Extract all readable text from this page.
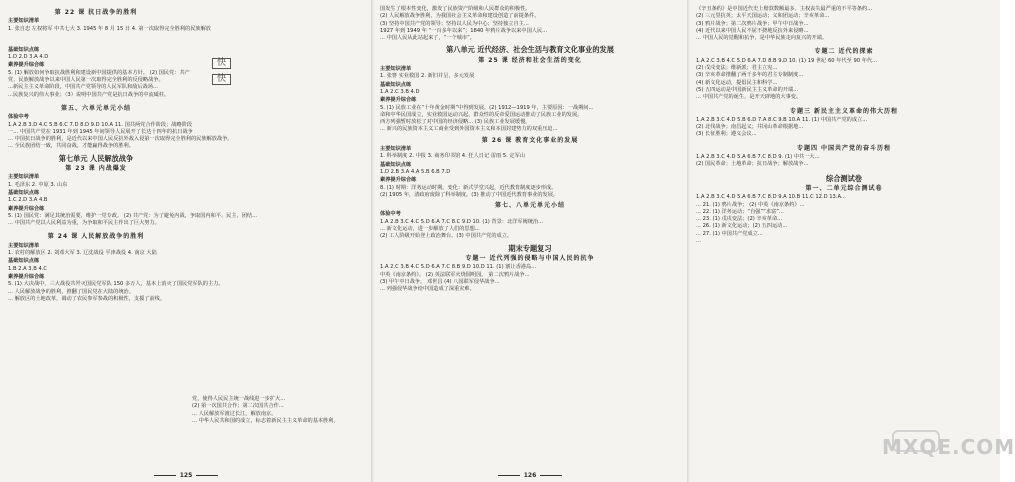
第 22 课 抗日战争的胜利
主要知识清单
1. 张自忠 左权将军 中共七大 3. 1945 年 8 月 15 日 4. 第一次取得完全胜利的民族解放
基础知识点练
1.D 2.D 3.A 4.D
素养提升综合练
5. (1) 解放如何争取抗战胜利和建设新中国提供的基本方针。 (2) 国民党：共产
党、民族解放战争以来中国人民第一次取得完全胜利的反侵略战争。
...新民主主义革命阶段，中国共产党领导的人民军队和敌后战场...
...民族复兴的伟大事业；（3）说明中国共产党是抗日战争的中流砥柱。
第五、六单元单元小结
体验中考
1.A 2.B 3.D 4.C 5.B 6.C 7.D 8.D 9.D 10.A 11. 国共两党合作阶段；战略阶段
一... 中国共产党在 1931 年到 1945 年间领导人民展开了长达十四年的抗日战争
... 中国抗日战争的胜利，是近代以来中国人民反抗外敌入侵第一次取得完全胜利的民族解放战争。
... 全民族团结一致，共同奋战，才能赢得战争的胜利。
第七单元 人民解放战争
第 23 课 内战爆发
主要知识清单
1. 毛泽东 2. 中原 3. 山东
基础知识点练
1.C 2.D 3.A 4.B
素养提升综合练
5. (1) 国民党：满足其统治需要，维护一党专政。 (2) 共产党：为了避免内战，争取国内和平、民主、团结...
... 中国共产党以人民利益为重，为争取和平民主作出了巨大努力。
第 24 课 人民解放战争的胜利
主要知识清单
1. 农村的解放区 2. 刘邓大军 3. 辽沈战役 平津战役 4. 南京 大陆
基础知识点练
1.B 2.A 3.B 4.C
素养提升综合练
5. (1) 大决战中，三大战役共歼灭国民党军队 150 多万人，基本上消灭了国民党军队的主力。
... 人民解放战争的胜利，推翻了国民党在大陆的统治。
... 解放区的土地改革，调动了农民参军参战的积极性，支援了前线。
党，使得人民民主统一战线进一步扩大...
(2) 第一次国共合作；第二次国共合作...
... 人民解放军渡过长江，解放南京。
... 中华人民共和国的成立，标志着新民主主义革命的基本胜利。
快
快
125
国发生了根本性变化，激发了民族资产阶级和人民群众的积极性。
(2) 人民解放战争胜利，为我国社会主义革命和建设创造了前提条件。
(3) 坚持中国共产党的领导；坚持以人民为中心；坚持独立自主...
1927 年到 1949 年 “一百多年以来”；1840 年鸦片战争以来中国人民...
... 中国人民从此站起来了，“一个城市”。
第八单元 近代经济、社会生活与教育文化事业的发展
第 25 课 经济和社会生活的变化
主要知识清单
1. 张謇 实业救国 2. 新旧并呈，多元发展
基础知识点练
1.A 2.C 3.B 4.D
素养提升综合练
5. (1) 民族工业在“十年黄金时期”中得到发展。(2) 1912—1919 年，主要原因：一战期间...
命和中华民国成立，实业救国运动兴起，群众性的反帝爱国运动推动了民族工业的发展。
西方列强暂时放松了对中国的经济侵略... (3) 民族工业发展缓慢。
... 新兴的民族资本主义工商业受到外国资本主义和本国封建势力的双重压迫...
第 26 课 教育文化事业的发展
主要知识清单
1. 科举制度 2. 中报 3. 商务印书馆 4. 狂人日记 雷雨 5. 定军山
基础知识点练
1.D 2.B 3.A 4.A 5.B 6.B 7.D
素养提升综合练
8. (1) 时期：洋务运动时期。变化：新式学堂兴起，近代教育制度逐步形成。
(2) 1905 年，清政府废除了科举制度。(3) 推动了中国近代教育事业的发展。
第七、八单元单元小结
体验中考
1.A 2.B 3.C 4.C 5.D 6.A 7.C 8.C 9.D 10. (1) 背景：北洋军阀统治...
... 新文化运动，进一步解放了人们的思想...
(2) 工人阶级开始登上政治舞台。(3) 中国共产党的成立。
期末专题复习
专题一 近代列强的侵略与中国人民的抗争
1.A 2.C 3.B 4.C 5.D 6.A 7.C 8.B 9.D 10.D 11. (1) 割让香港岛...
中英《南京条约》。 (2) 英法联军火烧圆明园。 第二次鸦片战争...
(3) 甲午中日战争。 邓世昌 (4) 八国联军侵华战争...
... 列强侵华战争给中国造成了深重灾难。
126
《辛丑条约》是中国近代史上赔款数额最多、主权丧失最严重的不平等条约...
(2) 三元里抗英；太平天国运动；义和团运动；辛亥革命...
(3) 鸦片战争；第二次鸦片战争；甲午中日战争...
(4) 近代以来中国人民不屈不挠地反抗外来侵略...
... 中国人民的觉醒和抗争，是中华民族走向复兴的开端。
专题二 近代的探索
1.A 2.C 3.B 4.C 5.D 6.A 7.D 8.B 9.D 10. (1) 19 世纪 60 年代至 90 年代...
(2) 戊戌变法；维新派；君主立宪...
(3) 辛亥革命推翻了两千多年的君主专制制度...
(4) 新文化运动，提倡民主和科学...
(5) 五四运动是中国新民主主义革命的开端...
... 中国共产党的诞生，是开天辟地的大事变。
专题三 新民主主义革命的伟大历程
1.A 2.B 3.C 4.D 5.B 6.D 7.A 8.C 9.B 10.A 11. (1) 中国共产党的成立...
(2) 北伐战争；南昌起义；井冈山革命根据地...
(3) 长征胜利；遵义会议...
专题四 中国共产党的奋斗历程
1.A 2.B 3.C 4.D 5.A 6.B 7.C 8.D 9. (1) 中共一大...
(2) 国民革命；土地革命；抗日战争；解放战争...
综合测试卷
第一、二单元综合测试卷
1.A 2.B 3.C 4.D 5.A 6.B 7.C 8.D 9.A 10.B 11.C 12.D 13.A...
... 21. (1) 鸦片战争； (2) 中英《南京条约》...
... 22. (1) 洋务运动；“自强”“求富”...
... 23. (1) 戊戌变法；(2) 辛亥革命...
... 26. (1) 新文化运动；(2) 五四运动...
... 27. (1) 中国共产党成立...
...
MXQE.COM
